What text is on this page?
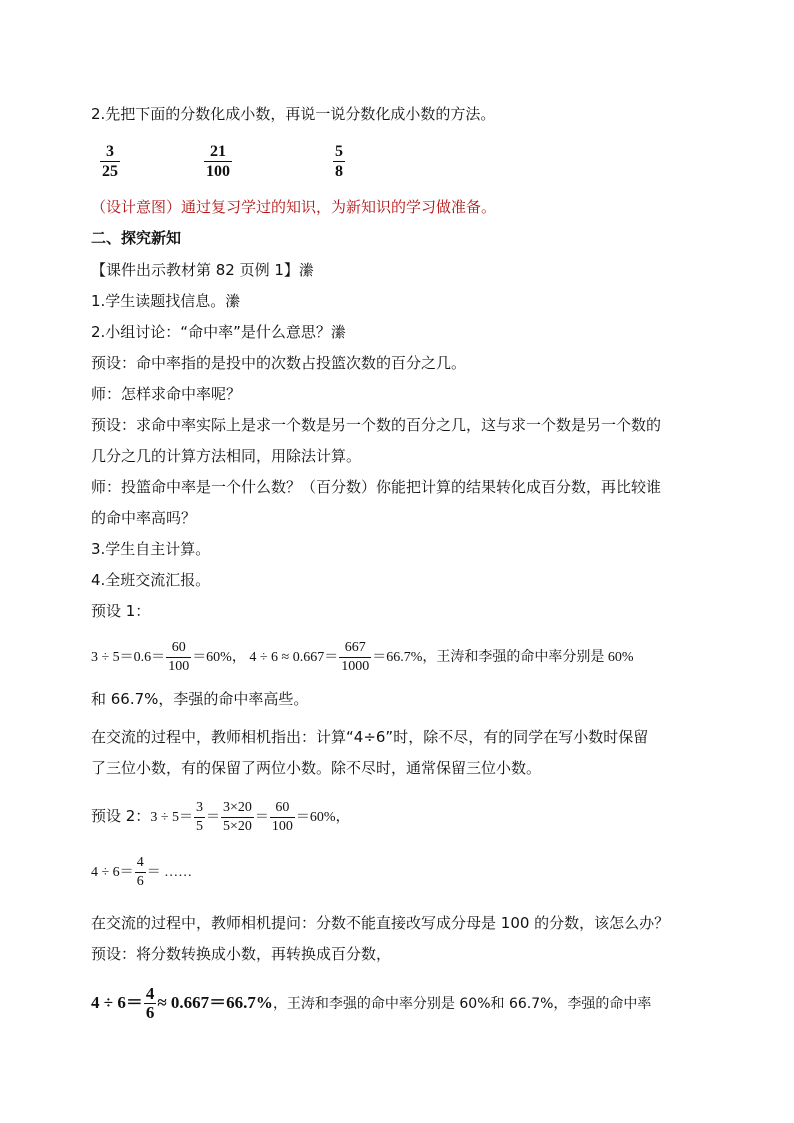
2.先把下面的分数化成小数，再说一说分数化成小数的方法。
$\frac{3}{25}$	$\frac{21}{100}$	$\frac{5}{8}$
（设计意图）通过复习学过的知识，为新知识的学习做准备。
二、探究新知
【课件出示教材第 82 页例 1】潫
1.学生读题找信息。潫
2.小组讨论：“命中率”是什么意思？潫
预设：命中率指的是投中的次数占投篮次数的百分之几。
师：怎样求命中率呢？
预设：求命中率实际上是求一个数是另一个数的百分之几，这与求一个数是另一个数的
几分之几的计算方法相同，用除法计算。
师：投篮命中率是一个什么数？（百分数）你能把计算的结果转化成百分数，再比较谁
的命中率高吗？
3.学生自主计算。
4.全班交流汇报。
预设 1：
$3 \div 5=0.6= \frac{60}{100} =60\%$， $4 \div 6 \approx 0.667= \frac{667}{1000} =66.7\%$，王涛和李强的命中率分别是 60%
和 66.7%，李强的命中率高些。
在交流的过程中，教师相机指出：计算“4÷6”时，除不尽，有的同学在写小数时保留
了三位小数，有的保留了两位小数。除不尽时，通常保留三位小数。
预设 2：$3 \div 5= \frac{3}{5} = \frac{3\times 20}{5\times 20} = \frac{60}{100} =60\%$，
$4 \div 6= \frac{4}{6}$ ＝ ……
在交流的过程中，教师相机提问：分数不能直接改写成分母是 100 的分数，该怎么办？
预设：将分数转换成小数，再转换成百分数，
$4 \div 6= \frac{4}{6} \approx 0.667=66.7\%$，王涛和李强的命中率分别是 60%和 66.7%，李强的命中率
